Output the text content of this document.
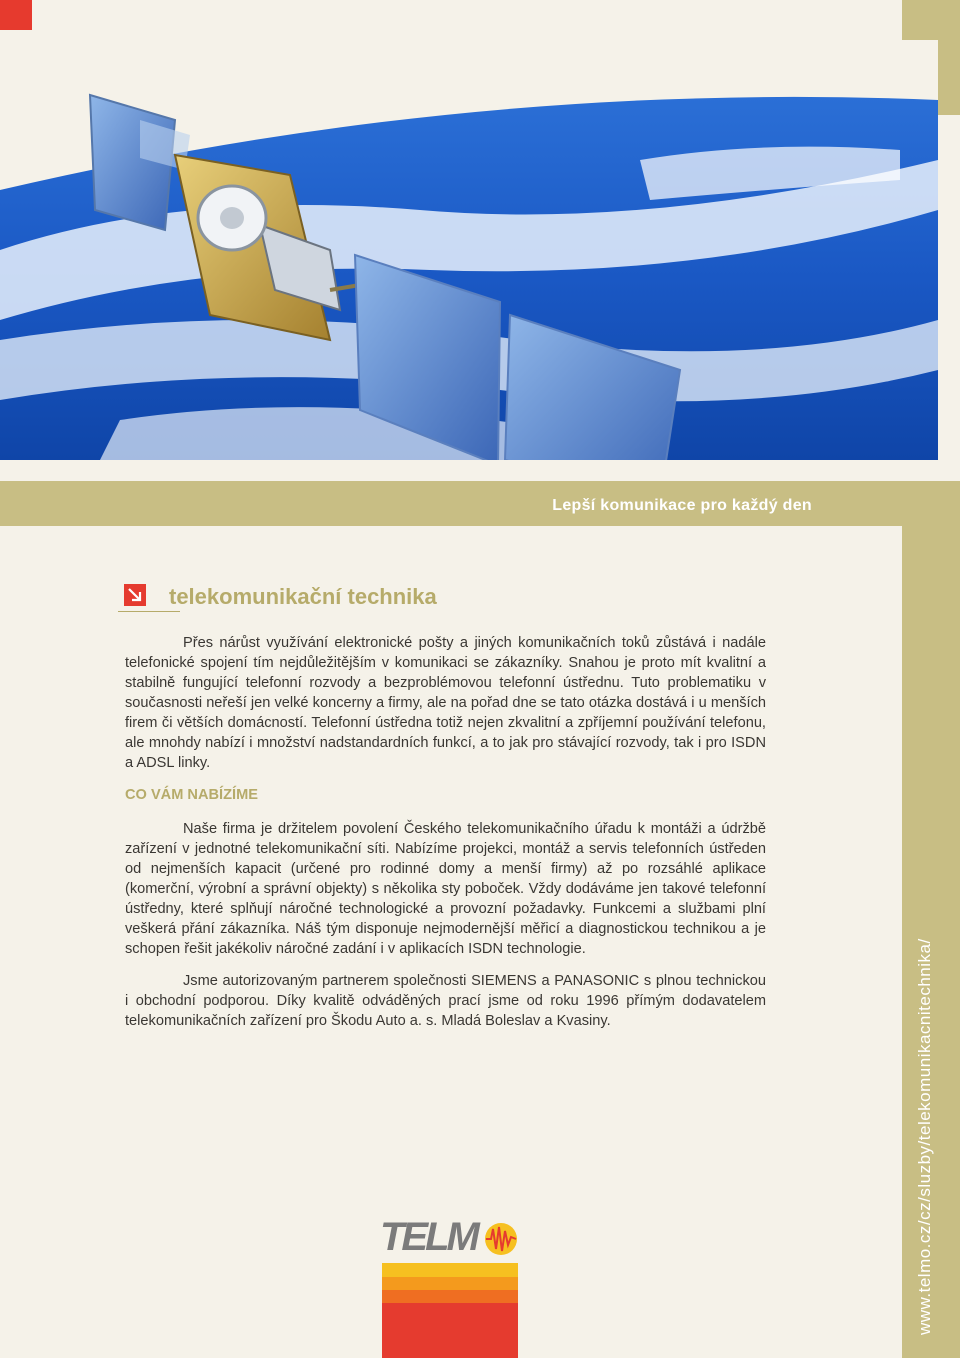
Lepší komunikace pro každý den
telekomunikační technika

Přes nárůst využívání elektronické pošty a jiných komunikačních toků zůstává i nadále telefonické spojení tím nejdůležitějším v komunikaci se zákazníky. Snahou je proto mít kvalitní a stabilně fungující telefonní rozvody a bezproblémovou telefonní ústřednu. Tuto problematiku v současnosti neřeší jen velké koncerny a firmy, ale na pořad dne se tato otázka dostává i u menších firem či větších domácností. Telefonní ústředna totiž nejen zkvalitní a zpříjemní používání telefonu, ale mnohdy nabízí i množství nadstandardních funkcí, a to jak pro stávající rozvody, tak i pro ISDN a ADSL linky.

CO VÁM NABÍZÍME

Naše firma je držitelem povolení Českého telekomunikačního úřadu k montáži a údržbě zařízení v jednotné telekomunikační síti. Nabízíme projekci, montáž a servis telefonních ústředen od nejmenších kapacit (určené pro rodinné domy a menší firmy) až po rozsáhlé aplikace (komerční, výrobní a správní objekty) s několika sty poboček. Vždy dodáváme jen takové telefonní ústředny, které splňují náročné technologické a provozní požadavky. Funkcemi a službami plní veškerá přání zákazníka. Náš tým disponuje nejmodernější měřicí a diagnostickou technikou a je schopen řešit jakékoliv náročné zadání i v aplikacích ISDN technologie.

Jsme autorizovaným partnerem společnosti SIEMENS a PANASONIC s plnou technickou i obchodní podporou. Díky kvalitě odváděných prací jsme od roku 1996 přímým dodavatelem telekomunikačních zařízení pro Škodu Auto a. s. Mladá Boleslav a Kvasiny.	www.telmo.cz/cz/sluzby/telekomunikacnitechnika/
TELM
